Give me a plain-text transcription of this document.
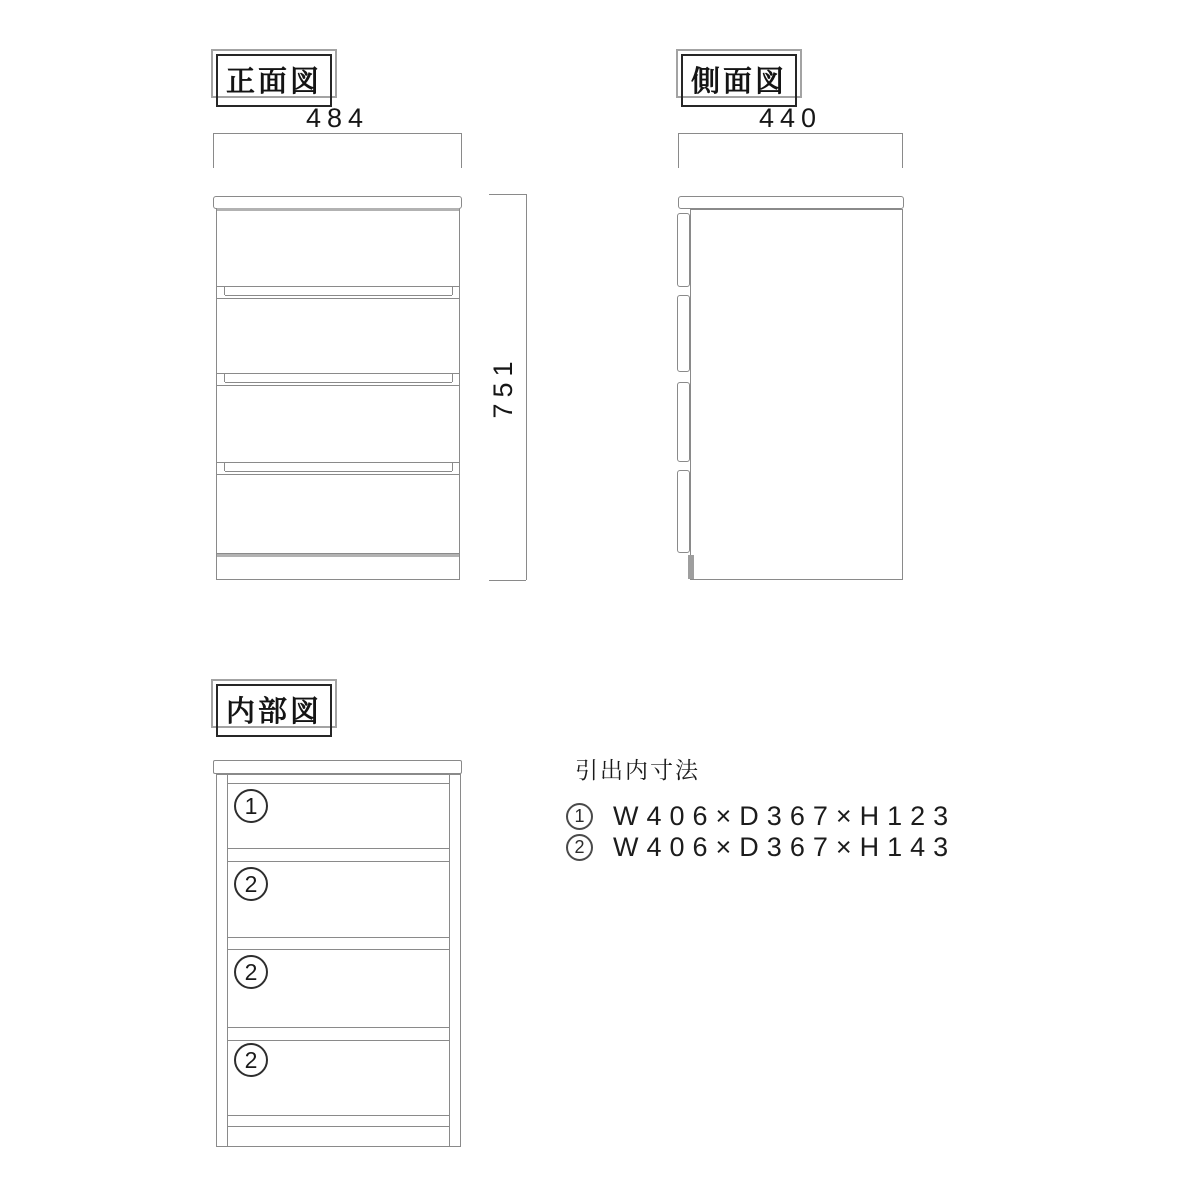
正面図
484
751
側面図
440
内部図
1
2
2
2
引出内寸法
1	W406×D367×H123
2	W406×D367×H143
